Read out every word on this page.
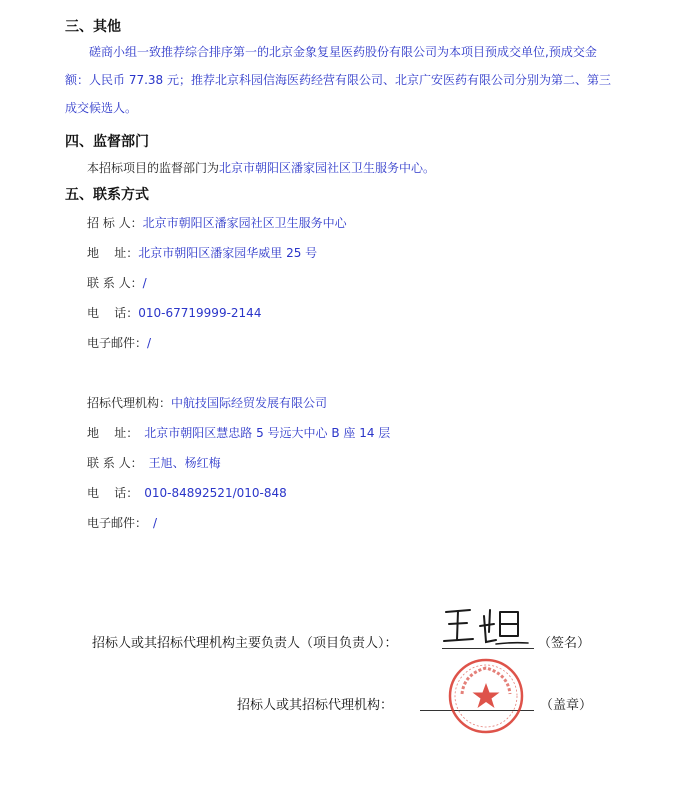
三、其他
磋商小组一致推荐综合排序第一的北京金象复星医药股份有限公司为本项目预成交单位,预成交金额：人民币 77.38 元；推荐北京科园信海医药经营有限公司、北京广安医药有限公司分别为第二、第三成交候选人。
四、监督部门
本招标项目的监督部门为北京市朝阳区潘家园社区卫生服务中心。
五、联系方式
招 标 人：北京市朝阳区潘家园社区卫生服务中心
地    址：北京市朝阳区潘家园华威里 25 号
联 系 人：/
电    话：010-67719999-2144
电子邮件：/
招标代理机构：中航技国际经贸发展有限公司
地    址： 北京市朝阳区慧忠路 5 号远大中心 B 座 14 层
联 系 人： 王旭、杨红梅
电    话： 010-84892521/010-848
电子邮件： /
招标人或其招标代理机构主要负责人（项目负责人）：	（签名）
招标人或其招标代理机构：	（盖章）
